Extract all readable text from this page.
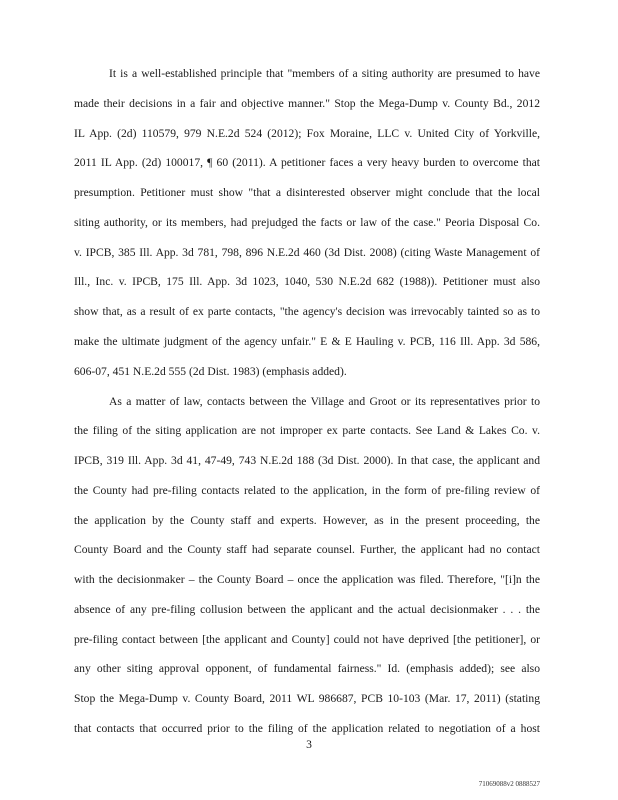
It is a well-established principle that "members of a siting authority are presumed to have
made their decisions in a fair and objective manner." Stop the Mega-Dump v. County Bd., 2012
IL App. (2d) 110579, 979 N.E.2d 524 (2012); Fox Moraine, LLC v. United City of Yorkville,
2011 IL App. (2d) 100017, ¶ 60 (2011). A petitioner faces a very heavy burden to overcome that
presumption. Petitioner must show "that a disinterested observer might conclude that the local
siting authority, or its members, had prejudged the facts or law of the case." Peoria Disposal Co.
v. IPCB, 385 Ill. App. 3d 781, 798, 896 N.E.2d 460 (3d Dist. 2008) (citing Waste Management of
Ill., Inc. v. IPCB, 175 Ill. App. 3d 1023, 1040, 530 N.E.2d 682 (1988)). Petitioner must also
show that, as a result of ex parte contacts, "the agency's decision was irrevocably tainted so as to
make the ultimate judgment of the agency unfair." E & E Hauling v. PCB, 116 Ill. App. 3d 586,
606-07, 451 N.E.2d 555 (2d Dist. 1983) (emphasis added).
As a matter of law, contacts between the Village and Groot or its representatives prior to
the filing of the siting application are not improper ex parte contacts. See Land & Lakes Co. v.
IPCB, 319 Ill. App. 3d 41, 47-49, 743 N.E.2d 188 (3d Dist. 2000). In that case, the applicant and
the County had pre-filing contacts related to the application, in the form of pre-filing review of
the application by the County staff and experts. However, as in the present proceeding, the
County Board and the County staff had separate counsel. Further, the applicant had no contact
with the decisionmaker – the County Board – once the application was filed. Therefore, "[i]n the
absence of any pre-filing collusion between the applicant and the actual decisionmaker . . . the
pre-filing contact between [the applicant and County] could not have deprived [the petitioner], or
any other siting approval opponent, of fundamental fairness." Id. (emphasis added); see also
Stop the Mega-Dump v. County Board, 2011 WL 986687, PCB 10-103 (Mar. 17, 2011) (stating
that contacts that occurred prior to the filing of the application related to negotiation of a host
3
71069088v2 0888527
